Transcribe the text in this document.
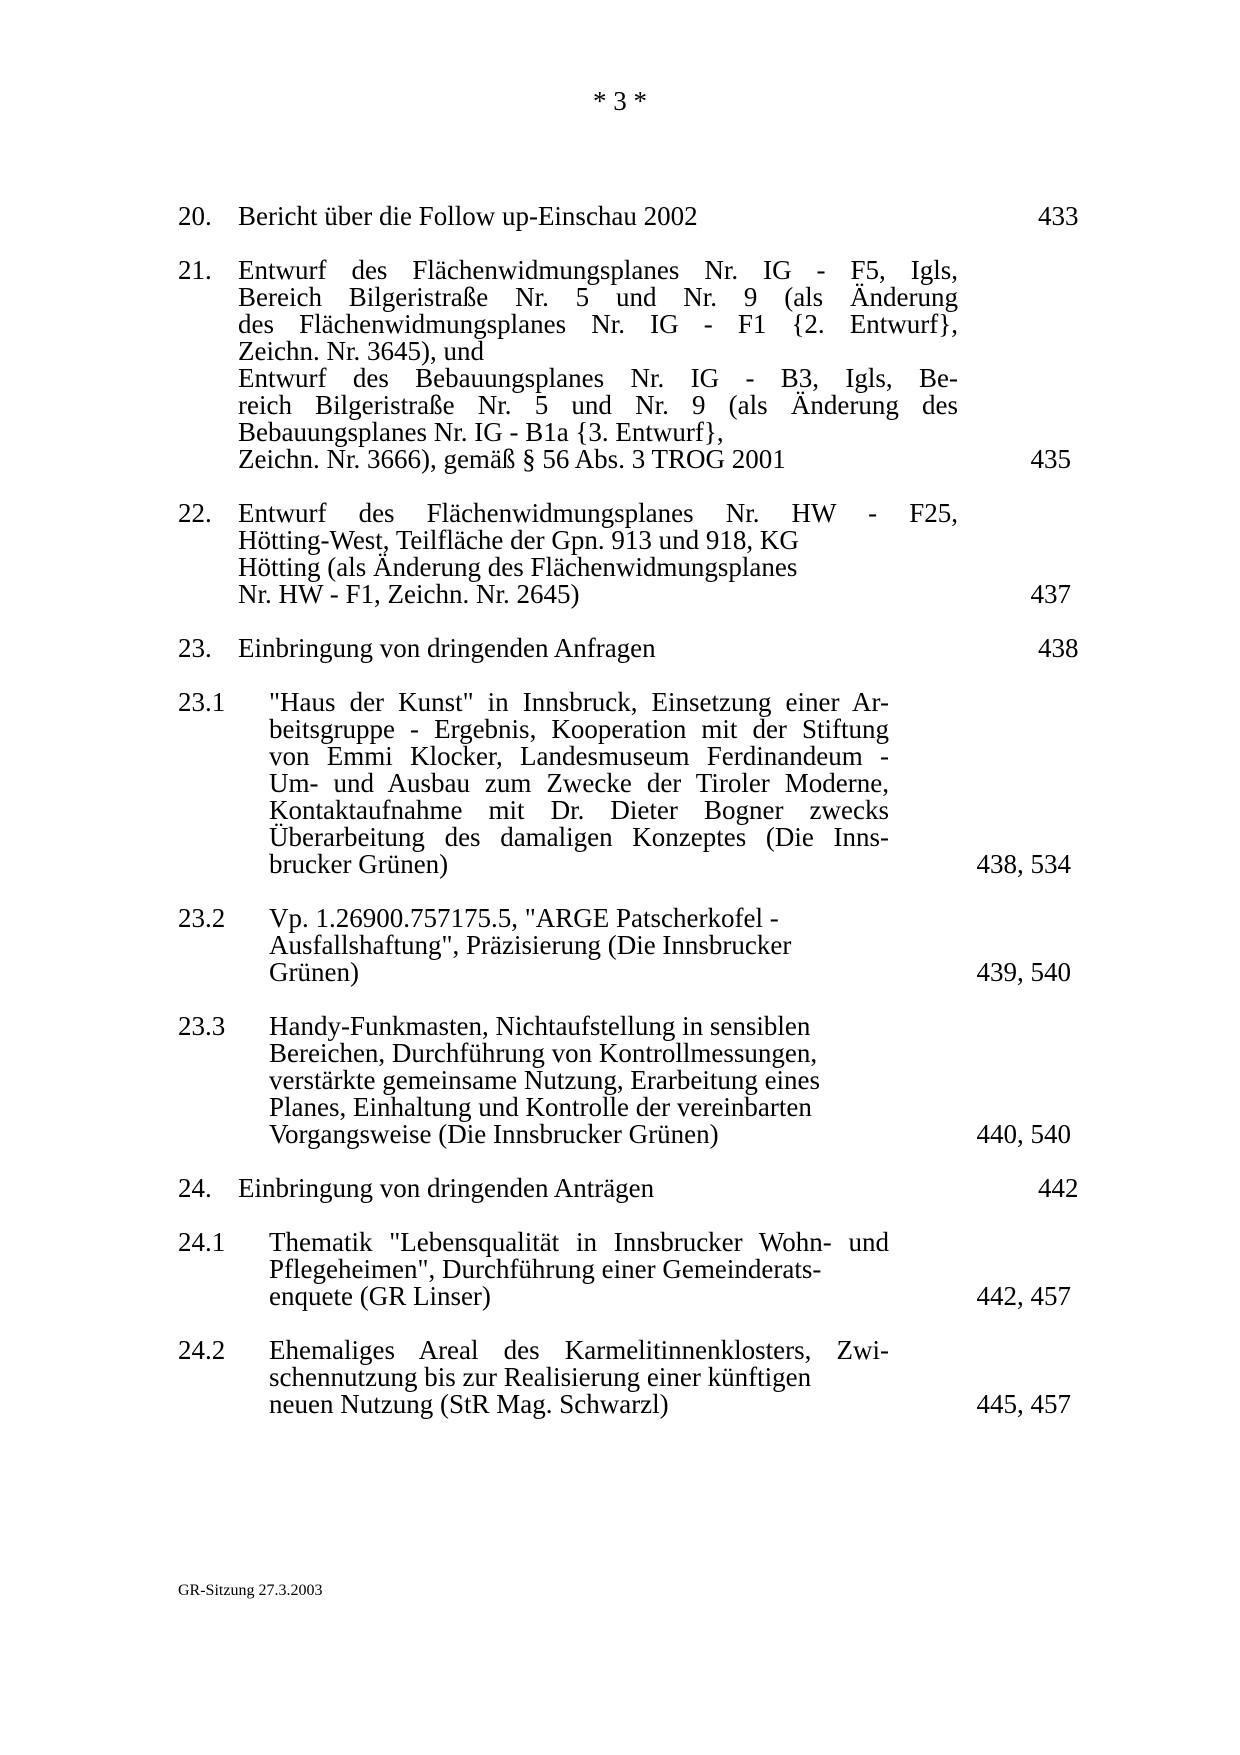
* 3 *
20. Bericht über die Follow up-Einschau 2002	433
21. Entwurf des Flächenwidmungsplanes Nr. IG - F5, Igls,
Bereich Bilgeristraße Nr. 5 und Nr. 9 (als Änderung
des Flächenwidmungsplanes Nr. IG - F1 {2. Entwurf},
Zeichn. Nr. 3645), und
Entwurf des Bebauungsplanes Nr. IG - B3, Igls, Be-
reich Bilgeristraße Nr. 5 und Nr. 9 (als Änderung des
Bebauungsplanes Nr. IG - B1a {3. Entwurf},
Zeichn. Nr. 3666), gemäß § 56 Abs. 3 TROG 2001	435
22. Entwurf des Flächenwidmungsplanes Nr. HW - F25,
Hötting-West, Teilfläche der Gpn. 913 und 918, KG
Hötting (als Änderung des Flächenwidmungsplanes
Nr. HW - F1, Zeichn. Nr. 2645)	437
23. Einbringung von dringenden Anfragen	438
23.1	"Haus der Kunst" in Innsbruck, Einsetzung einer Ar-
beitsgruppe - Ergebnis, Kooperation mit der Stiftung
von Emmi Klocker, Landesmuseum Ferdinandeum -
Um- und Ausbau zum Zwecke der Tiroler Moderne,
Kontaktaufnahme mit Dr. Dieter Bogner zwecks
Überarbeitung des damaligen Konzeptes (Die Inns-
brucker Grünen)	438, 534
23.2	Vp. 1.26900.757175.5, "ARGE Patscherkofel -
Ausfallshaftung", Präzisierung (Die Innsbrucker
Grünen)	439, 540
23.3	Handy-Funkmasten, Nichtaufstellung in sensiblen
Bereichen, Durchführung von Kontrollmessungen,
verstärkte gemeinsame Nutzung, Erarbeitung eines
Planes, Einhaltung und Kontrolle der vereinbarten
Vorgangsweise (Die Innsbrucker Grünen)	440, 540
24. Einbringung von dringenden Anträgen	442
24.1	Thematik "Lebensqualität in Innsbrucker Wohn- und
Pflegeheimen", Durchführung einer Gemeinderats-
enquete (GR Linser)	442, 457
24.2	Ehemaliges Areal des Karmelitinnenklosters, Zwi-
schennutzung bis zur Realisierung einer künftigen
neuen Nutzung (StR Mag. Schwarzl)	445, 457
GR-Sitzung 27.3.2003
